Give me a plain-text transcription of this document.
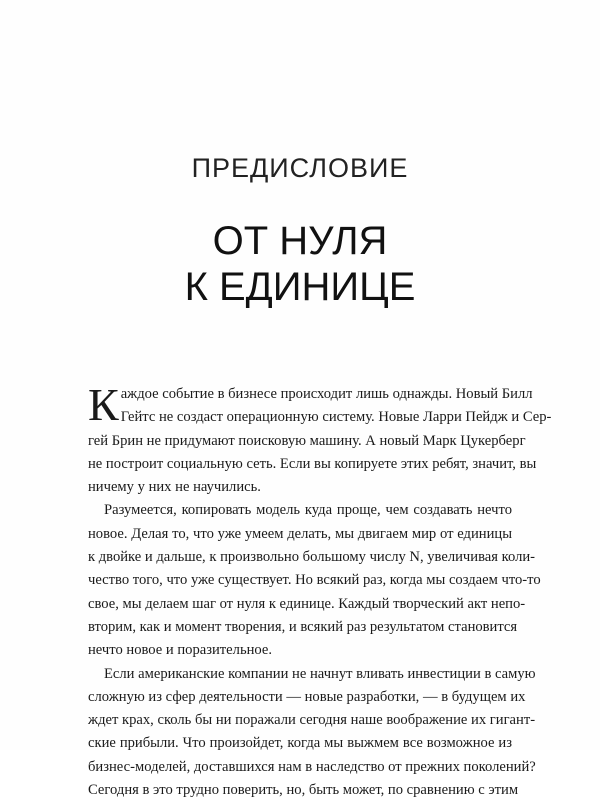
ПРЕДИСЛОВИЕ
ОТ НУЛЯ
К ЕДИНИЦЕ
К аждое событие в бизнесе происходит лишь однажды. Новый Билл
Гейтс не создаст операционную систему. Новые Ларри Пейдж и Сер-
гей Брин не придумают поисковую машину. А новый Марк Цукерберг
не построит социальную сеть. Если вы копируете этих ребят, значит, вы
ничему у них не научились.
Разумеется, копировать модель куда проще, чем создавать нечто
новое. Делая то, что уже умеем делать, мы двигаем мир от единицы
к двойке и дальше, к произвольно большому числу N, увеличивая коли-
чество того, что уже существует. Но всякий раз, когда мы создаем что-то
свое, мы делаем шаг от нуля к единице. Каждый творческий акт непо-
вторим, как и момент творения, и всякий раз результатом становится
нечто новое и поразительное.
Если американские компании не начнут вливать инвестиции в самую
сложную из сфер деятельности — новые разработки, — в будущем их
ждет крах, сколь бы ни поражали сегодня наше воображение их гигант-
ские прибыли. Что произойдет, когда мы выжмем все возможное из
бизнес-моделей, доставшихся нам в наследство от прежних поколений?
Сегодня в это трудно поверить, но, быть может, по сравнению с этим
